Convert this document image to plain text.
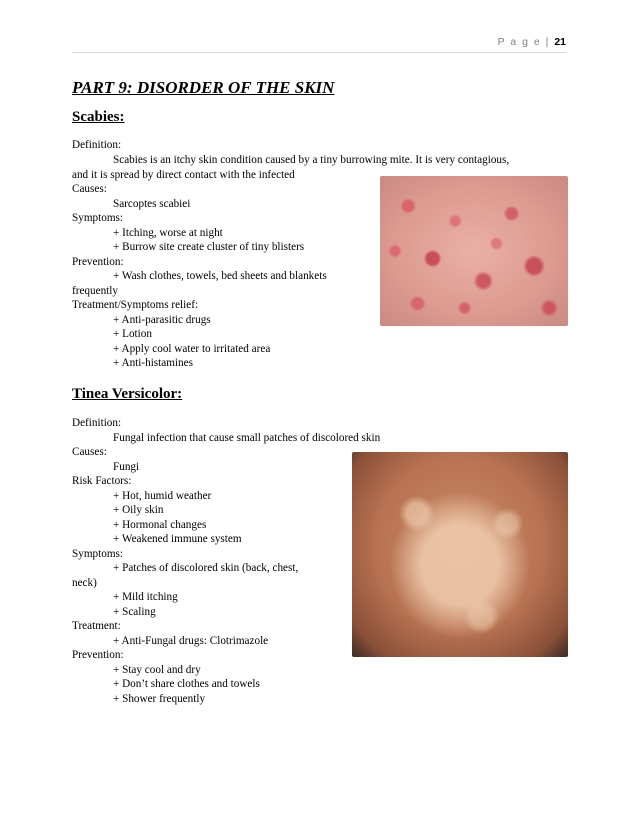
P a g e | 21
PART 9: DISORDER OF THE SKIN
Scabies:
Definition:
Scabies is an itchy skin condition caused by a tiny burrowing mite. It is very contagious,
and it is spread by direct contact with the infected
Causes:
Sarcoptes scabiei
Symptoms:
+ Itching, worse at night
+ Burrow site create cluster of tiny blisters
Prevention:
+ Wash clothes, towels, bed sheets and blankets
frequently
Treatment/Symptoms relief:
+ Anti-parasitic drugs
+ Lotion
+ Apply cool water to irritated area
+ Anti-histamines
Tinea Versicolor:
Definition:
Fungal infection that cause small patches of discolored skin
Causes:
Fungi
Risk Factors:
+ Hot, humid weather
+ Oily skin
+ Hormonal changes
+ Weakened immune system
Symptoms:
+ Patches of discolored skin (back, chest,
neck)
+ Mild itching
+ Scaling
Treatment:
+ Anti-Fungal drugs: Clotrimazole
Prevention:
+ Stay cool and dry
+ Don’t share clothes and towels
+ Shower frequently
